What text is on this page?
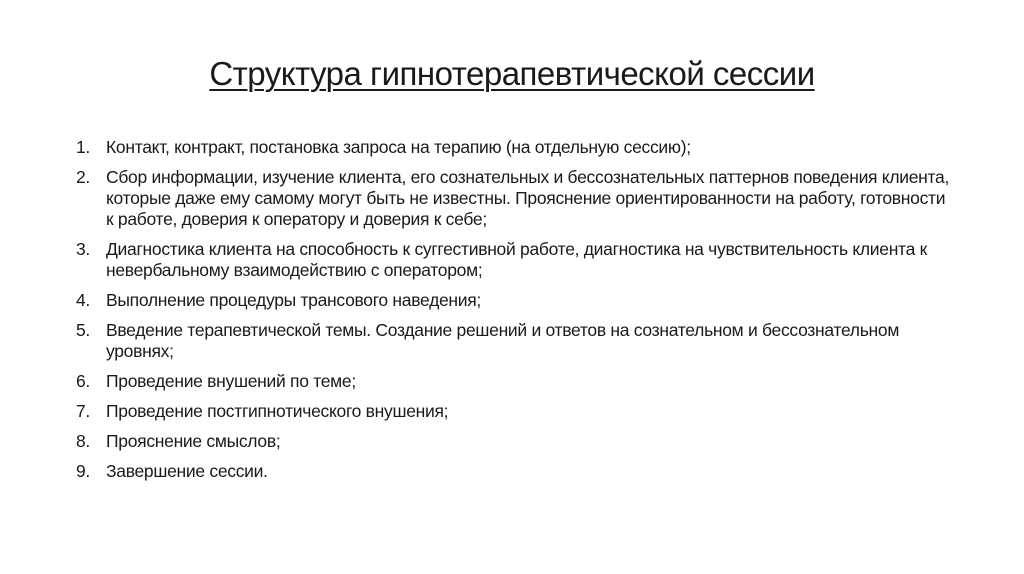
Структура гипнотерапевтической сессии
1. Контакт, контракт, постановка запроса на терапию (на отдельную сессию);
2. Сбор информации, изучение клиента, его сознательных и бессознательных паттернов поведения клиента, которые даже ему самому могут быть не известны. Прояснение ориентированности на работу, готовности к работе, доверия к оператору и доверия к себе;
3. Диагностика клиента на способность к суггестивной работе, диагностика на чувствительность клиента к невербальному взаимодействию с оператором;
4. Выполнение процедуры трансового наведения;
5. Введение терапевтической темы. Создание решений и ответов на сознательном и бессознательном уровнях;
6. Проведение внушений по теме;
7. Проведение постгипнотического внушения;
8. Прояснение смыслов;
9. Завершение сессии.
